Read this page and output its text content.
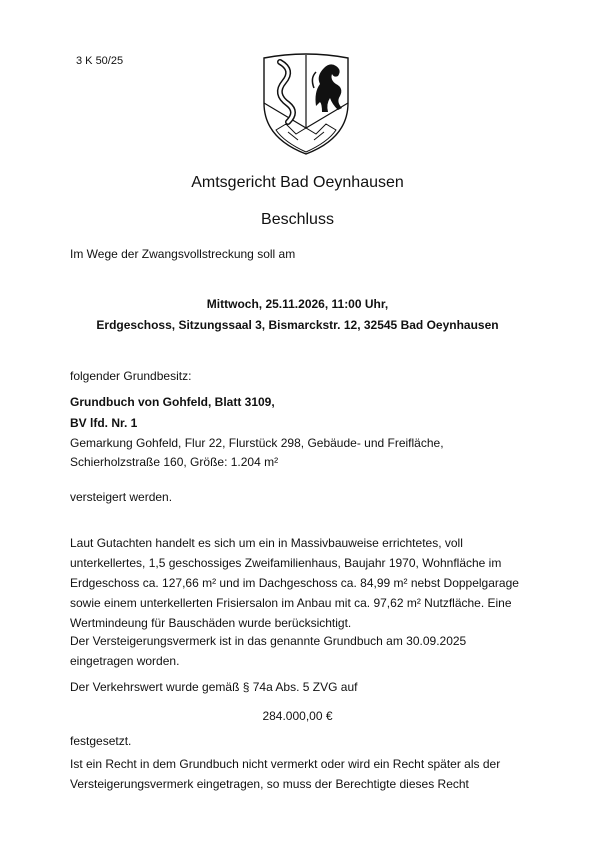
3 K 50/25
Amtsgericht Bad Oeynhausen
Beschluss
Im Wege der Zwangsvollstreckung soll am
Mittwoch, 25.11.2026, 11:00 Uhr,
Erdgeschoss, Sitzungssaal 3, Bismarckstr. 12, 32545 Bad Oeynhausen
folgender Grundbesitz:
Grundbuch von Gohfeld, Blatt 3109,
BV lfd. Nr. 1
Gemarkung Gohfeld, Flur 22, Flurstück 298, Gebäude- und Freifläche,
Schierholzstraße 160, Größe: 1.204 m²
versteigert werden.
Laut Gutachten handelt es sich um ein in Massivbauweise errichtetes, voll
unterkellertes, 1,5 geschossiges Zweifamilienhaus, Baujahr 1970, Wohnfläche im
Erdgeschoss ca. 127,66 m² und im Dachgeschoss ca. 84,99 m² nebst Doppelgarage
sowie einem unterkellerten Frisiersalon im Anbau mit ca. 97,62 m² Nutzfläche. Eine
Wertmindeung für Bauschäden wurde berücksichtigt.
Der Versteigerungsvermerk ist in das genannte Grundbuch am 30.09.2025
eingetragen worden.
Der Verkehrswert wurde gemäß § 74a Abs. 5 ZVG auf
284.000,00 €
festgesetzt.
Ist ein Recht in dem Grundbuch nicht vermerkt oder wird ein Recht später als der
Versteigerungsvermerk eingetragen, so muss der Berechtigte dieses Recht
